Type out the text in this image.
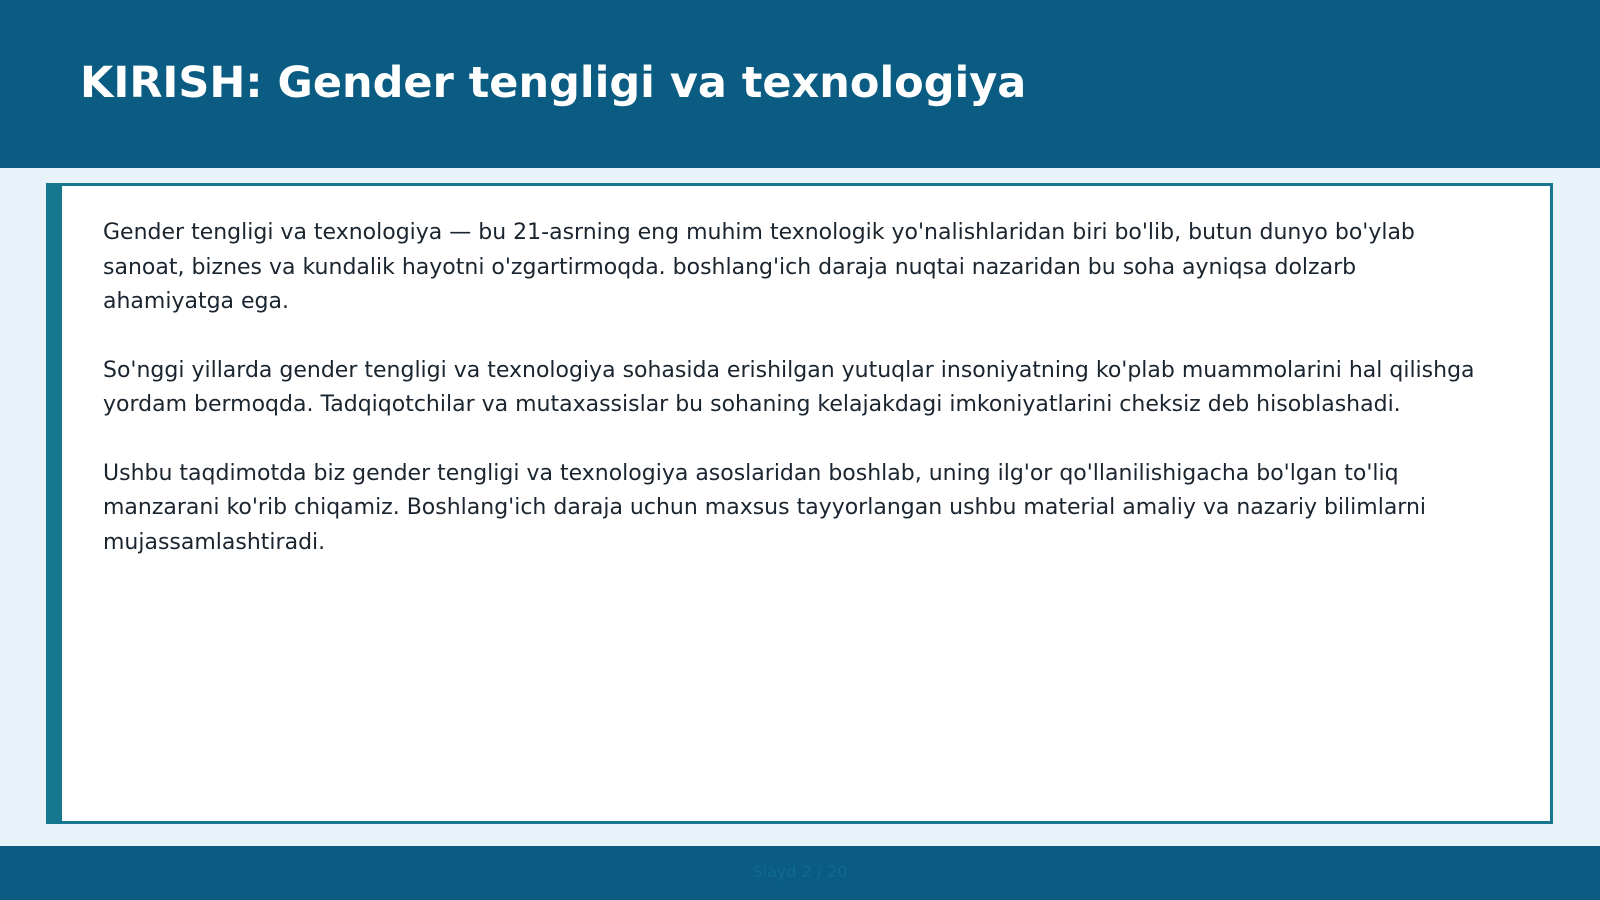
KIRISH: Gender tengligi va texnologiya

Gender tengligi va texnologiya — bu 21-asrning eng muhim texnologik yo'nalishlaridan biri bo'lib, butun dunyo bo'ylab sanoat, biznes va kundalik hayotni o'zgartirmoqda. boshlang'ich daraja nuqtai nazaridan bu soha ayniqsa dolzarb ahamiyatga ega.

So'nggi yillarda gender tengligi va texnologiya sohasida erishilgan yutuqlar insoniyatning ko'plab muammolarini hal qilishga yordam bermoqda. Tadqiqotchilar va mutaxassislar bu sohaning kelajakdagi imkoniyatlarini cheksiz deb hisoblashadi.

Ushbu taqdimotda biz gender tengligi va texnologiya asoslaridan boshlab, uning ilg'or qo'llanilishigacha bo'lgan to'liq manzarani ko'rib chiqamiz. Boshlang'ich daraja uchun maxsus tayyorlangan ushbu material amaliy va nazariy bilimlarni mujassamlashtiradi.

Slayd 2 / 20
